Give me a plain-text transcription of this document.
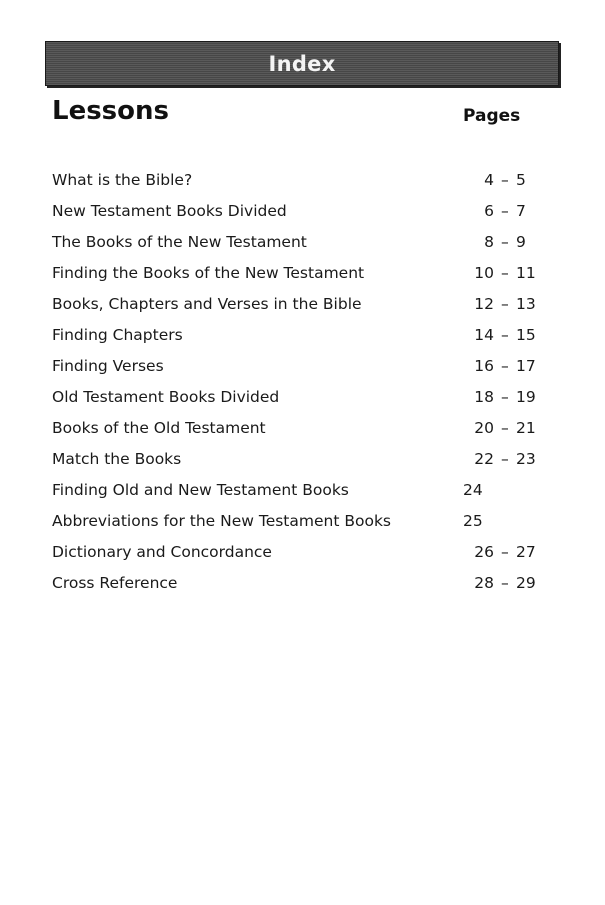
Index
Lessons	Pages
What is the Bible?	4 – 5
New Testament Books Divided	6 – 7
The Books of the New Testament	8 – 9
Finding the Books of the New Testament	10 – 11
Books, Chapters and Verses in the Bible	12 – 13
Finding Chapters	14 – 15
Finding Verses	16 – 17
Old Testament Books Divided	18 – 19
Books of the Old Testament	20 – 21
Match the Books	22 – 23
Finding Old and New Testament Books	24
Abbreviations for the New Testament Books	25
Dictionary and Concordance	26 – 27
Cross Reference	28 – 29
